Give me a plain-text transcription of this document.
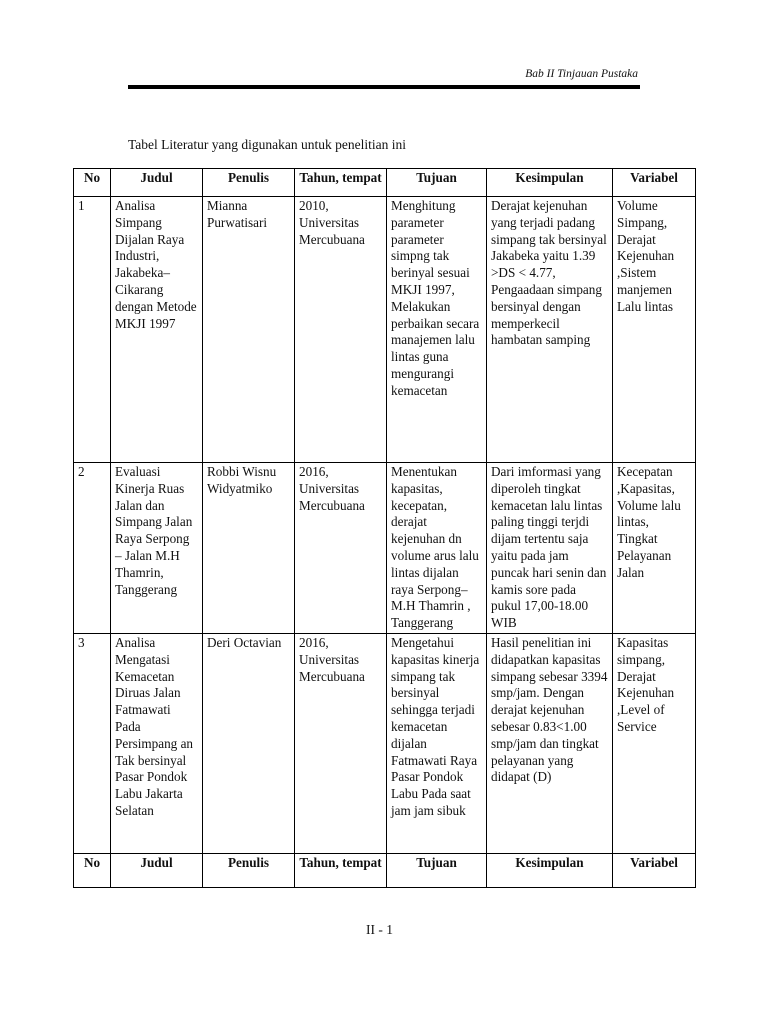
Bab II Tinjauan Pustaka
Tabel Literatur yang digunakan untuk penelitian ini
No	Judul	Penulis	Tahun, tempat	Tujuan	Kesimpulan	Variabel
1	Analisa Simpang Dijalan Raya Industri, Jakabeka– Cikarang dengan Metode MKJI 1997	Mianna Purwatisari	2010, Universitas Mercubuana	Menghitung parameter parameter simpng tak berinyal sesuai MKJI 1997, Melakukan perbaikan secara manajemen lalu lintas guna mengurangi kemacetan	Derajat kejenuhan yang terjadi padang simpang tak bersinyal Jakabeka yaitu 1.39 >DS < 4.77, Pengaadaan simpang bersinyal dengan memperkecil hambatan samping	Volume Simpang, Derajat Kejenuhan ,Sistem manjemen Lalu lintas
2	Evaluasi Kinerja Ruas Jalan dan Simpang Jalan Raya Serpong – Jalan M.H Thamrin, Tanggerang	Robbi Wisnu Widyatmiko	2016, Universitas Mercubuana	Menentukan kapasitas, kecepatan, derajat kejenuhan dn volume arus lalu lintas dijalan raya Serpong– M.H Thamrin , Tanggerang	Dari imformasi yang diperoleh tingkat kemacetan lalu lintas paling tinggi terjdi dijam tertentu saja yaitu pada jam puncak hari senin dan kamis sore pada pukul 17,00-18.00 WIB	Kecepatan ,Kapasitas, Volume lalu lintas, Tingkat Pelayanan Jalan
3	Analisa Mengatasi Kemacetan Diruas Jalan Fatmawati Pada Persimpang an Tak bersinyal Pasar Pondok Labu Jakarta Selatan	Deri Octavian	2016, Universitas Mercubuana	Mengetahui kapasitas kinerja simpang tak bersinyal sehingga terjadi kemacetan dijalan Fatmawati Raya Pasar Pondok Labu Pada saat jam jam sibuk	Hasil penelitian ini didapatkan kapasitas simpang sebesar 3394 smp/jam. Dengan derajat kejenuhan sebesar 0.83<1.00 smp/jam dan tingkat pelayanan yang didapat (D)	Kapasitas simpang, Derajat Kejenuhan ,Level of Service
No	Judul	Penulis	Tahun, tempat	Tujuan	Kesimpulan	Variabel
II - 1
